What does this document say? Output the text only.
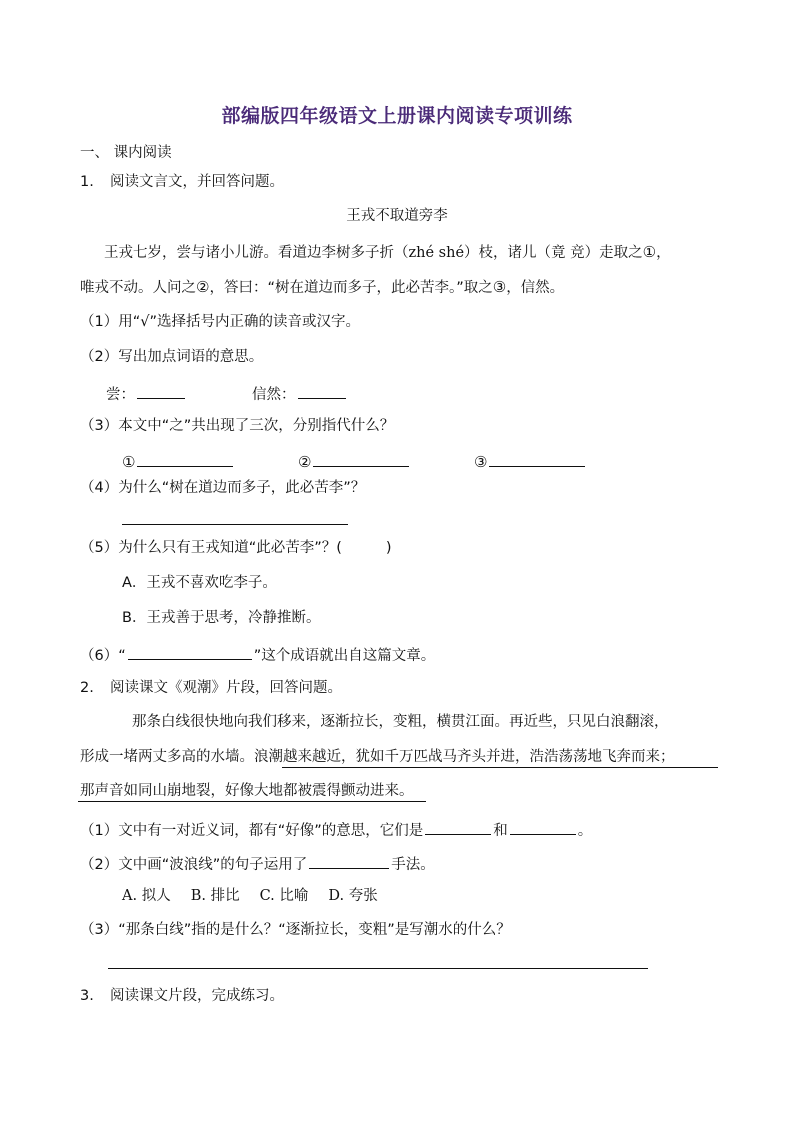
部编版四年级语文上册课内阅读专项训练
一、 课内阅读
1. 阅读文言文，并回答问题。
王戎不取道旁李
王戎七岁，尝与诸小儿游。看道边李树多子折（zhé shé）枝，诸儿（竟 竞）走取之①，
唯戎不动。人问之②，答曰：“树在道边而多子，此必苦李。”取之③，信然。
（1）用“√”选择括号内正确的读音或汉字。
（2）写出加点词语的意思。
尝：	信然：
（3）本文中“之”共出现了三次，分别指代什么？
①	②	③
（4）为什么“树在道边而多子，此必苦李”？
（5）为什么只有王戎知道“此必苦李”？(	)
A．王戎不喜欢吃李子。
B．王戎善于思考，冷静推断。
（6）“	”这个成语就出自这篇文章。
2. 阅读课文《观潮》片段，回答问题。
那条白线很快地向我们移来，逐渐拉长，变粗，横贯江面。再近些，只见白浪翻滚，
形成一堵两丈多高的水墙。浪潮越来越近，犹如千万匹战马齐头并进，浩浩荡荡地飞奔而来；
那声音如同山崩地裂，好像大地都被震得颤动进来。
（1）文中有一对近义词，都有“好像”的意思，它们是	和	。
（2）文中画“波浪线”的句子运用了	手法。
A. 拟人 B. 排比 C. 比喻 D. 夸张
（3）“那条白线”指的是什么？“逐渐拉长，变粗”是写潮水的什么？
3. 阅读课文片段，完成练习。
